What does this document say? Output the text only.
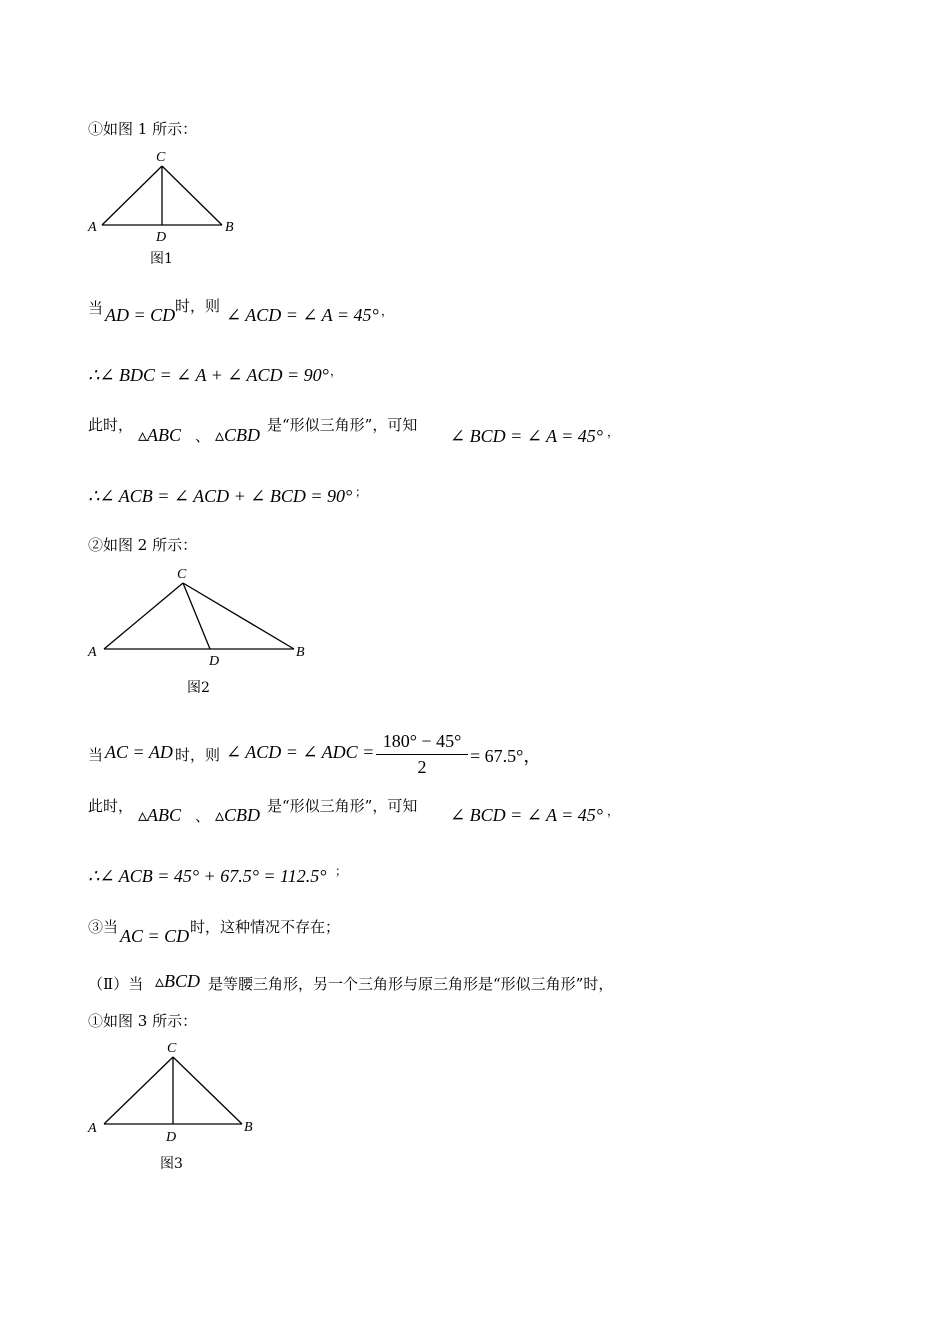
①如图 1 所示：
C
A	B
D
图1
当 AD = CD 时，则 ∠ ACD = ∠ A = 45° ，
∴∠ BDC = ∠ A + ∠ ACD = 90° ，
此时， ▵ABC 、 ▵CBD 是“形似三角形”，可知
∠ BCD = ∠ A = 45° ，
∴∠ ACB = ∠ ACD + ∠ BCD = 90° ；
②如图 2 所示：
C
A	B
D
图2
当 AC = AD 时，则 ∠ ACD = ∠ ADC =
180° − 45°
2
= 67.5°，
此时， ▵ABC 、 ▵CBD 是“形似三角形”，可知 ∠ BCD = ∠ A = 45° ，
∴∠ ACB = 45° + 67.5° = 112.5° ；
③当 AC = CD 时，这种情况不存在；
（Ⅱ）当 ▵BCD 是等腰三角形，另一个三角形与原三角形是“形似三角形”时，
①如图 3 所示：
C
A	B
D
图3
